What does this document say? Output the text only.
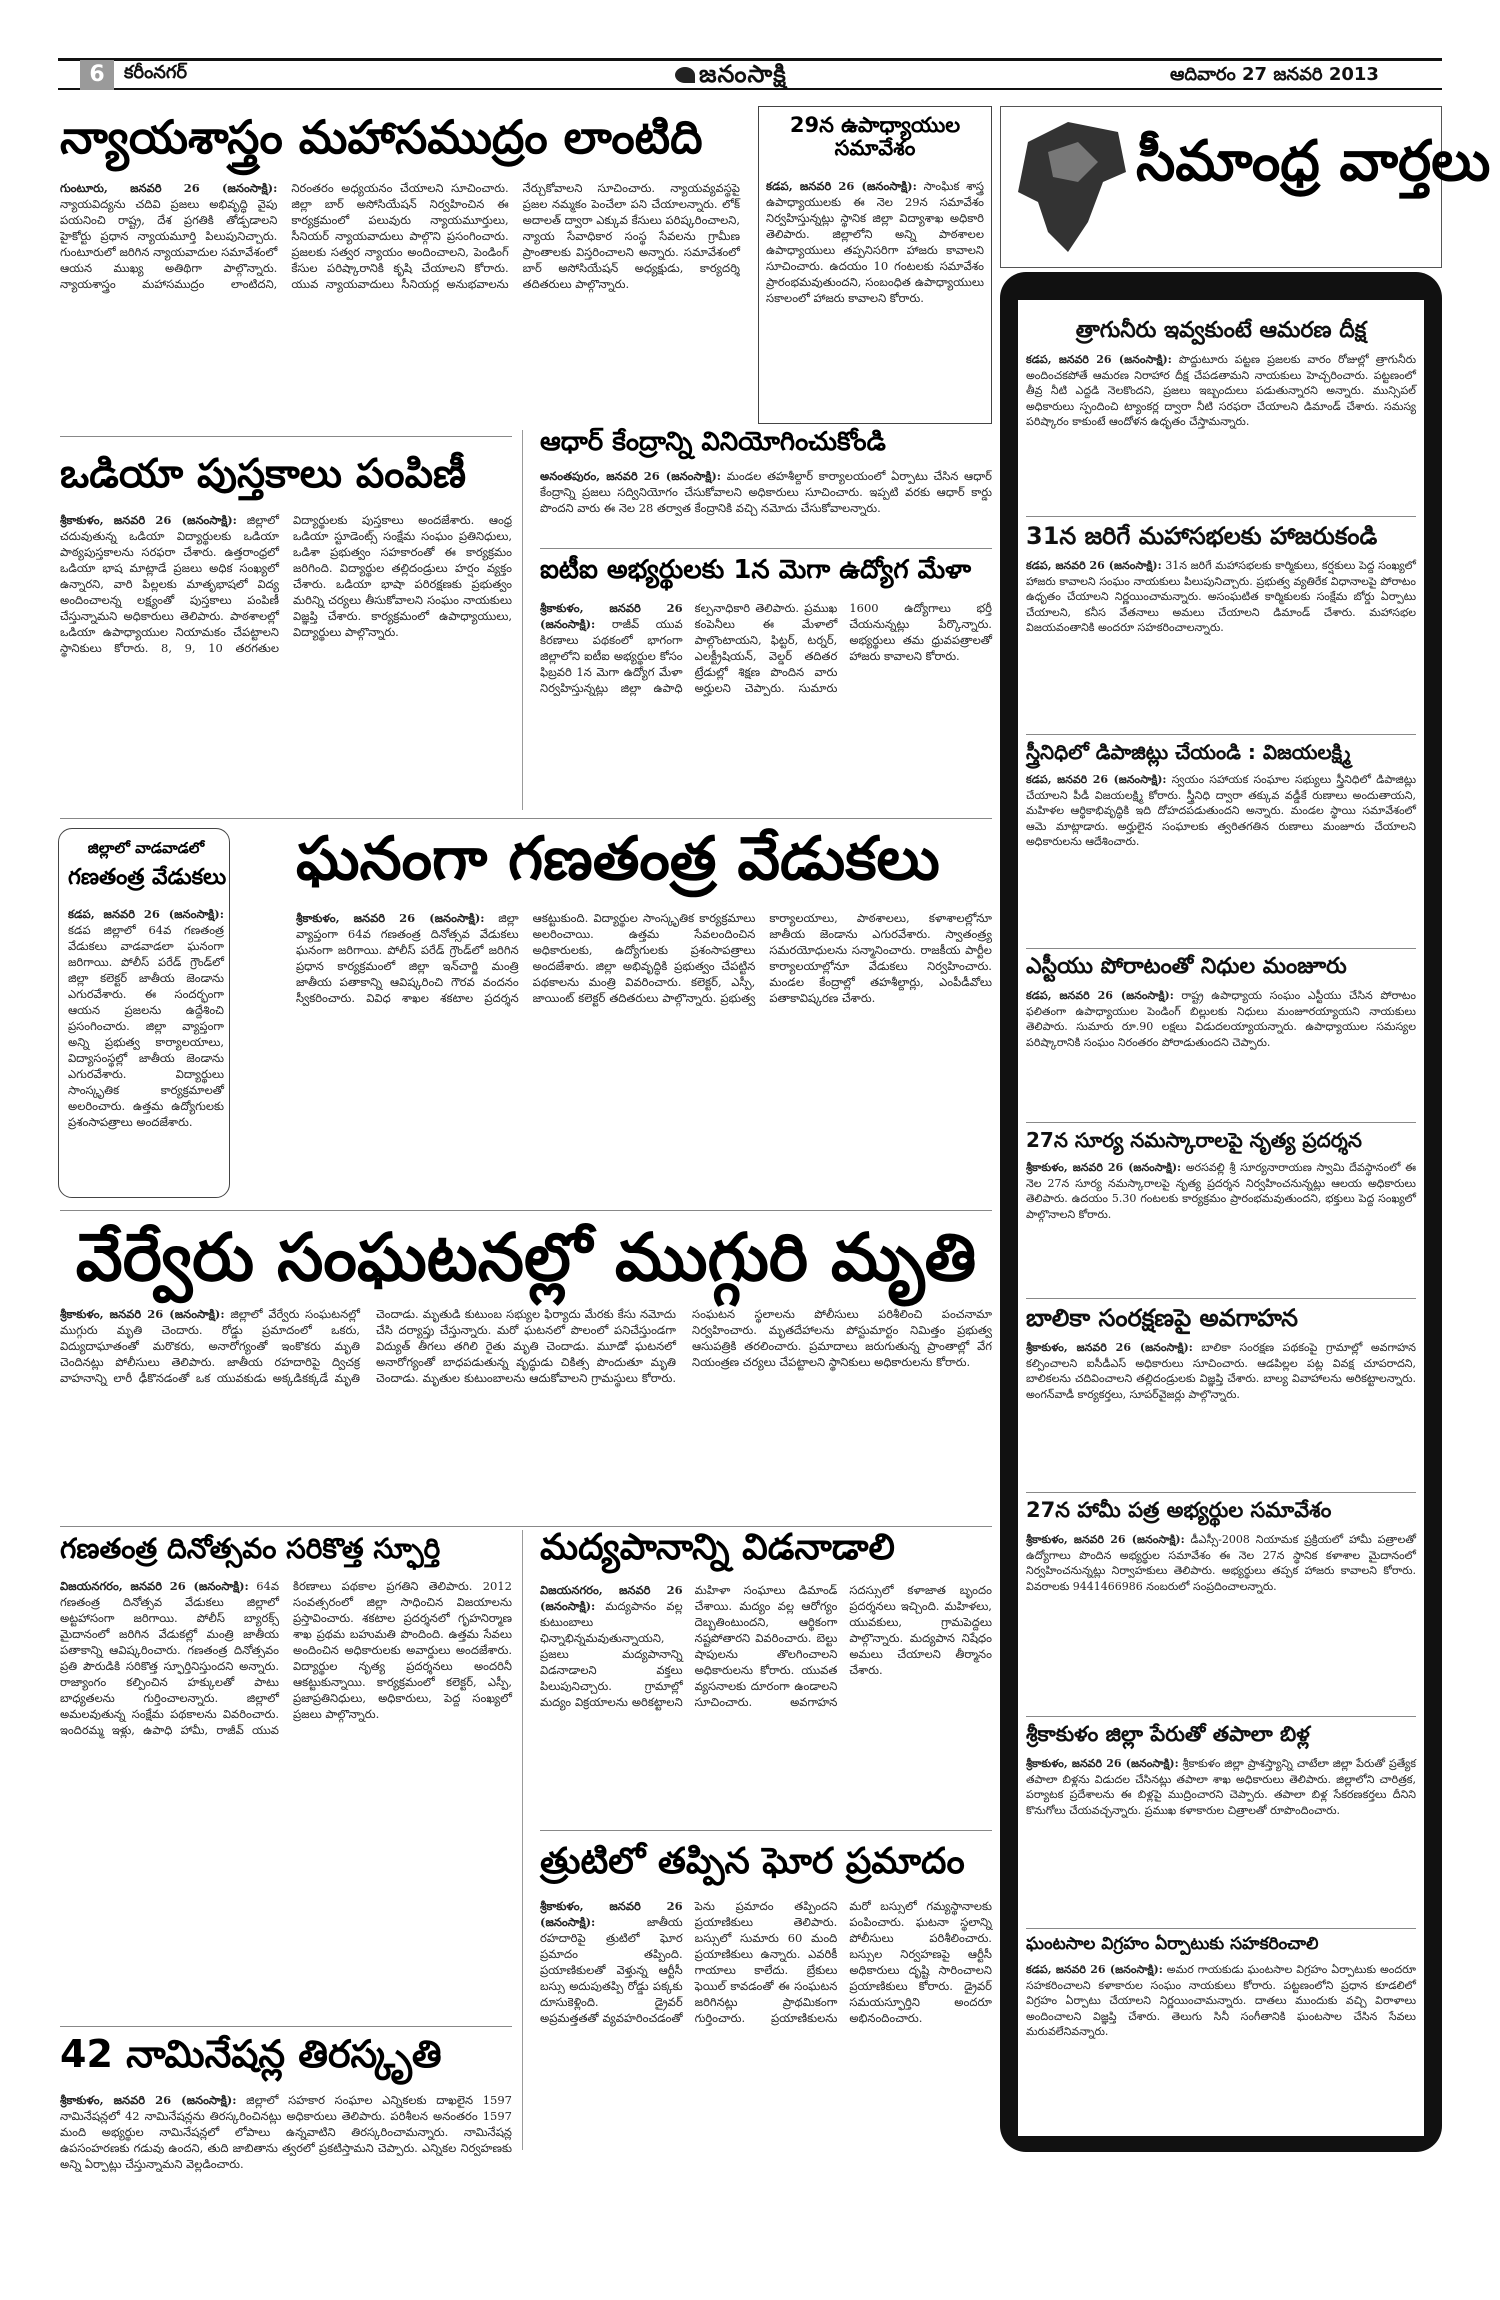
6	కరీంనగర్	జనంసాక్షి	ఆదివారం 27 జనవరి 2013
న్యాయశాస్త్రం మహాసముద్రం లాంటిది
గుంటూరు, జనవరి 26 (జనంసాక్షి): న్యాయవిద్యను చదివి ప్రజలు అభివృద్ధి వైపు పయనించి రాష్ట్ర, దేశ ప్రగతికి తోడ్పడాలని హైకోర్టు ప్రధాన న్యాయమూర్తి పిలుపునిచ్చారు. గుంటూరులో జరిగిన న్యాయవాదుల సమావేశంలో ఆయన ముఖ్య అతిథిగా పాల్గొన్నారు. న్యాయశాస్త్రం మహాసముద్రం లాంటిదని, నిరంతరం అధ్యయనం చేయాలని సూచించారు. జిల్లా బార్ అసోసియేషన్ నిర్వహించిన ఈ కార్యక్రమంలో పలువురు న్యాయమూర్తులు, సీనియర్ న్యాయవాదులు పాల్గొని ప్రసంగించారు. ప్రజలకు సత్వర న్యాయం అందించాలని, పెండింగ్ కేసుల పరిష్కారానికి కృషి చేయాలని కోరారు. యువ న్యాయవాదులు సీనియర్ల అనుభవాలను నేర్చుకోవాలని సూచించారు. న్యాయవ్యవస్థపై ప్రజల నమ్మకం పెంచేలా పని చేయాలన్నారు. లోక్ అదాలత్ ద్వారా ఎక్కువ కేసులు పరిష్కరించాలని, న్యాయ సేవాధికార సంస్థ సేవలను గ్రామీణ ప్రాంతాలకు విస్తరించాలని అన్నారు. సమావేశంలో బార్ అసోసియేషన్ అధ్యక్షుడు, కార్యదర్శి తదితరులు పాల్గొన్నారు.
29న ఉపాధ్యాయుల సమావేశం
కడప, జనవరి 26 (జనంసాక్షి): సాంఘిక శాస్త్ర ఉపాధ్యాయులకు ఈ నెల 29న సమావేశం నిర్వహిస్తున్నట్లు స్థానిక జిల్లా విద్యాశాఖ అధికారి తెలిపారు. జిల్లాలోని అన్ని పాఠశాలల ఉపాధ్యాయులు తప్పనిసరిగా హాజరు కావాలని సూచించారు. ఉదయం 10 గంటలకు సమావేశం ప్రారంభమవుతుందని, సంబంధిత ఉపాధ్యాయులు సకాలంలో హాజరు కావాలని కోరారు.
సీమాంధ్ర వార్తలు
ఒడియా పుస్తకాలు పంపిణీ
శ్రీకాకుళం, జనవరి 26 (జనంసాక్షి): జిల్లాలో చదువుతున్న ఒడియా విద్యార్థులకు ఒడియా పాఠ్యపుస్తకాలను సరఫరా చేశారు. ఉత్తరాంధ్రలో ఒడియా భాష మాట్లాడే ప్రజలు అధిక సంఖ్యలో ఉన్నారని, వారి పిల్లలకు మాతృభాషలో విద్య అందించాలన్న లక్ష్యంతో పుస్తకాలు పంపిణీ చేస్తున్నామని అధికారులు తెలిపారు. పాఠశాలల్లో ఒడియా ఉపాధ్యాయుల నియామకం చేపట్టాలని స్థానికులు కోరారు. 8, 9, 10 తరగతుల విద్యార్థులకు పుస్తకాలు అందజేశారు. ఆంధ్ర ఒడియా స్టూడెంట్స్ సంక్షేమ సంఘం ప్రతినిధులు, ఒడిశా ప్రభుత్వం సహకారంతో ఈ కార్యక్రమం జరిగింది. విద్యార్థుల తల్లిదండ్రులు హర్షం వ్యక్తం చేశారు. ఒడియా భాషా పరిరక్షణకు ప్రభుత్వం మరిన్ని చర్యలు తీసుకోవాలని సంఘం నాయకులు విజ్ఞప్తి చేశారు. కార్యక్రమంలో ఉపాధ్యాయులు, విద్యార్థులు పాల్గొన్నారు.
ఆధార్ కేంద్రాన్ని వినియోగించుకోండి
అనంతపురం, జనవరి 26 (జనంసాక్షి): మండల తహశీల్దార్ కార్యాలయంలో ఏర్పాటు చేసిన ఆధార్ కేంద్రాన్ని ప్రజలు సద్వినియోగం చేసుకోవాలని అధికారులు సూచించారు. ఇప్పటి వరకు ఆధార్ కార్డు పొందని వారు ఈ నెల 28 తర్వాత కేంద్రానికి వచ్చి నమోదు చేసుకోవాలన్నారు.
ఐటీఐ అభ్యర్థులకు 1న మెగా ఉద్యోగ మేళా
శ్రీకాకుళం, జనవరి 26 (జనంసాక్షి): రాజీవ్ యువ కిరణాలు పథకంలో భాగంగా జిల్లాలోని ఐటీఐ అభ్యర్థుల కోసం ఫిబ్రవరి 1న మెగా ఉద్యోగ మేళా నిర్వహిస్తున్నట్లు జిల్లా ఉపాధి కల్పనాధికారి తెలిపారు. ప్రముఖ కంపెనీలు ఈ మేళాలో పాల్గొంటాయని, ఫిట్టర్, టర్నర్, ఎలక్ట్రీషియన్, వెల్డర్ తదితర ట్రేడుల్లో శిక్షణ పొందిన వారు అర్హులని చెప్పారు. సుమారు 1600 ఉద్యోగాలు భర్తీ చేయనున్నట్లు పేర్కొన్నారు. అభ్యర్థులు తమ ధ్రువపత్రాలతో హాజరు కావాలని కోరారు.
ఘనంగా గణతంత్ర వేడుకలు
శ్రీకాకుళం, జనవరి 26 (జనంసాక్షి): జిల్లా వ్యాప్తంగా 64వ గణతంత్ర దినోత్సవ వేడుకలు ఘనంగా జరిగాయి. పోలీస్ పరేడ్ గ్రౌండ్‌లో జరిగిన ప్రధాన కార్యక్రమంలో జిల్లా ఇన్‌చార్జి మంత్రి జాతీయ పతాకాన్ని ఆవిష్కరించి గౌరవ వందనం స్వీకరించారు. వివిధ శాఖల శకటాల ప్రదర్శన ఆకట్టుకుంది. విద్యార్థుల సాంస్కృతిక కార్యక్రమాలు అలరించాయి. ఉత్తమ సేవలందించిన అధికారులకు, ఉద్యోగులకు ప్రశంసాపత్రాలు అందజేశారు. జిల్లా అభివృద్ధికి ప్రభుత్వం చేపట్టిన పథకాలను మంత్రి వివరించారు. కలెక్టర్, ఎస్పీ, జాయింట్ కలెక్టర్ తదితరులు పాల్గొన్నారు. ప్రభుత్వ కార్యాలయాలు, పాఠశాలలు, కళాశాలల్లోనూ జాతీయ జెండాను ఎగురవేశారు. స్వాతంత్ర్య సమరయోధులను సన్మానించారు. రాజకీయ పార్టీల కార్యాలయాల్లోనూ వేడుకలు నిర్వహించారు. మండల కేంద్రాల్లో తహశీల్దార్లు, ఎంపీడీవోలు పతాకావిష్కరణ చేశారు.
జిల్లాలో వాడవాడలో
గణతంత్ర వేడుకలు
కడప, జనవరి 26 (జనంసాక్షి): కడప జిల్లాలో 64వ గణతంత్ర వేడుకలు వాడవాడలా ఘనంగా జరిగాయి. పోలీస్ పరేడ్ గ్రౌండ్‌లో జిల్లా కలెక్టర్ జాతీయ జెండాను ఎగురవేశారు. ఈ సందర్భంగా ఆయన ప్రజలను ఉద్దేశించి ప్రసంగించారు. జిల్లా వ్యాప్తంగా అన్ని ప్రభుత్వ కార్యాలయాలు, విద్యాసంస్థల్లో జాతీయ జెండాను ఎగురవేశారు. విద్యార్థులు సాంస్కృతిక కార్యక్రమాలతో అలరించారు. ఉత్తమ ఉద్యోగులకు ప్రశంసాపత్రాలు అందజేశారు.
వేర్వేరు సంఘటనల్లో ముగ్గురి మృతి
శ్రీకాకుళం, జనవరి 26 (జనంసాక్షి): జిల్లాలో వేర్వేరు సంఘటనల్లో ముగ్గురు మృతి చెందారు. రోడ్డు ప్రమాదంలో ఒకరు, విద్యుదాఘాతంతో మరొకరు, అనారోగ్యంతో ఇంకొకరు మృతి చెందినట్లు పోలీసులు తెలిపారు. జాతీయ రహదారిపై ద్విచక్ర వాహనాన్ని లారీ ఢీకొనడంతో ఒక యువకుడు అక్కడికక్కడే మృతి చెందాడు. మృతుడి కుటుంబ సభ్యుల ఫిర్యాదు మేరకు కేసు నమోదు చేసి దర్యాప్తు చేస్తున్నారు. మరో ఘటనలో పొలంలో పనిచేస్తుండగా విద్యుత్ తీగలు తగిలి రైతు మృతి చెందాడు. మూడో ఘటనలో అనారోగ్యంతో బాధపడుతున్న వృద్ధుడు చికిత్స పొందుతూ మృతి చెందాడు. మృతుల కుటుంబాలను ఆదుకోవాలని గ్రామస్థులు కోరారు. సంఘటన స్థలాలను పోలీసులు పరిశీలించి పంచనామా నిర్వహించారు. మృతదేహాలను పోస్టుమార్టం నిమిత్తం ప్రభుత్వ ఆసుపత్రికి తరలించారు. ప్రమాదాలు జరుగుతున్న ప్రాంతాల్లో వేగ నియంత్రణ చర్యలు చేపట్టాలని స్థానికులు అధికారులను కోరారు.
గణతంత్ర దినోత్సవం సరికొత్త స్ఫూర్తి
విజయనగరం, జనవరి 26 (జనంసాక్షి): 64వ గణతంత్ర దినోత్సవ వేడుకలు జిల్లాలో అట్టహాసంగా జరిగాయి. పోలీస్ బ్యారక్స్ మైదానంలో జరిగిన వేడుకల్లో మంత్రి జాతీయ పతాకాన్ని ఆవిష్కరించారు. గణతంత్ర దినోత్సవం ప్రతి పౌరుడికి సరికొత్త స్ఫూర్తినిస్తుందని అన్నారు. రాజ్యాంగం కల్పించిన హక్కులతో పాటు బాధ్యతలను గుర్తించాలన్నారు. జిల్లాలో అమలవుతున్న సంక్షేమ పథకాలను వివరించారు. ఇందిరమ్మ ఇళ్లు, ఉపాధి హామీ, రాజీవ్ యువ కిరణాలు పథకాల ప్రగతిని తెలిపారు. 2012 సంవత్సరంలో జిల్లా సాధించిన విజయాలను ప్రస్తావించారు. శకటాల ప్రదర్శనలో గృహనిర్మాణ శాఖ ప్రథమ బహుమతి పొందింది. ఉత్తమ సేవలు అందించిన అధికారులకు అవార్డులు అందజేశారు. విద్యార్థుల నృత్య ప్రదర్శనలు అందరినీ ఆకట్టుకున్నాయి. కార్యక్రమంలో కలెక్టర్, ఎస్పీ, ప్రజాప్రతినిధులు, అధికారులు, పెద్ద సంఖ్యలో ప్రజలు పాల్గొన్నారు.
మద్యపానాన్ని విడనాడాలి
విజయనగరం, జనవరి 26 (జనంసాక్షి): మద్యపానం వల్ల కుటుంబాలు ఛిన్నాభిన్నమవుతున్నాయని, ప్రజలు మద్యపానాన్ని విడనాడాలని వక్తలు పిలుపునిచ్చారు. గ్రామాల్లో మద్యం విక్రయాలను అరికట్టాలని మహిళా సంఘాలు డిమాండ్ చేశాయి. మద్యం వల్ల ఆరోగ్యం దెబ్బతింటుందని, ఆర్థికంగా నష్టపోతారని వివరించారు. బెల్టు షాపులను తొలగించాలని అధికారులను కోరారు. యువత వ్యసనాలకు దూరంగా ఉండాలని సూచించారు. అవగాహన సదస్సులో కళాజాత బృందం ప్రదర్శనలు ఇచ్చింది. మహిళలు, యువకులు, గ్రామపెద్దలు పాల్గొన్నారు. మద్యపాన నిషేధం అమలు చేయాలని తీర్మానం చేశారు.
త్రుటిలో తప్పిన ఘోర ప్రమాదం
శ్రీకాకుళం, జనవరి 26 (జనంసాక్షి):	జాతీయ రహదారిపై త్రుటిలో ఘోర ప్రమాదం తప్పింది. ప్రయాణికులతో వెళ్తున్న ఆర్టీసీ బస్సు అదుపుతప్పి రోడ్డు పక్కకు దూసుకెళ్లింది. డ్రైవర్ అప్రమత్తతతో వ్యవహరించడంతో పెను ప్రమాదం తప్పిందని ప్రయాణికులు తెలిపారు. బస్సులో సుమారు 60 మంది ప్రయాణికులు ఉన్నారు. ఎవరికీ గాయాలు కాలేదు. బ్రేకులు ఫెయిల్ కావడంతో ఈ సంఘటన జరిగినట్లు ప్రాథమికంగా గుర్తించారు. ప్రయాణికులను మరో బస్సులో గమ్యస్థానాలకు పంపించారు. ఘటనా స్థలాన్ని పోలీసులు పరిశీలించారు. బస్సుల నిర్వహణపై ఆర్టీసీ అధికారులు దృష్టి సారించాలని ప్రయాణికులు కోరారు. డ్రైవర్ సమయస్ఫూర్తిని అందరూ అభినందించారు.
42 నామినేషన్ల తిరస్కృతి
శ్రీకాకుళం, జనవరి 26 (జనంసాక్షి): జిల్లాలో సహకార సంఘాల ఎన్నికలకు దాఖలైన 1597 నామినేషన్లలో 42 నామినేషన్లను తిరస్కరించినట్లు అధికారులు తెలిపారు. పరిశీలన అనంతరం 1597 మంది అభ్యర్థుల నామినేషన్లలో లోపాలు ఉన్నవాటిని తిరస్కరించామన్నారు. నామినేషన్ల ఉపసంహరణకు గడువు ఉందని, తుది జాబితాను త్వరలో ప్రకటిస్తామని చెప్పారు. ఎన్నికల నిర్వహణకు అన్ని ఏర్పాట్లు చేస్తున్నామని వెల్లడించారు.
త్రాగునీరు ఇవ్వకుంటే ఆమరణ దీక్ష
కడప, జనవరి 26 (జనంసాక్షి): పొద్దుటూరు పట్టణ ప్రజలకు వారం రోజుల్లో త్రాగునీరు అందించకపోతే ఆమరణ నిరాహార దీక్ష చేపడతామని నాయకులు హెచ్చరించారు. పట్టణంలో తీవ్ర నీటి ఎద్దడి నెలకొందని, ప్రజలు ఇబ్బందులు పడుతున్నారని అన్నారు. మున్సిపల్ అధికారులు స్పందించి ట్యాంకర్ల ద్వారా నీటి సరఫరా చేయాలని డిమాండ్ చేశారు. సమస్య పరిష్కారం కాకుంటే ఆందోళన ఉధృతం చేస్తామన్నారు.
31న జరిగే మహాసభలకు హాజరుకండి
కడప, జనవరి 26 (జనంసాక్షి): 31న జరిగే మహాసభలకు కార్మికులు, కర్షకులు పెద్ద సంఖ్యలో హాజరు కావాలని సంఘం నాయకులు పిలుపునిచ్చారు. ప్రభుత్వ వ్యతిరేక విధానాలపై పోరాటం ఉధృతం చేయాలని నిర్ణయించామన్నారు. అసంఘటిత కార్మికులకు సంక్షేమ బోర్డు ఏర్పాటు చేయాలని, కనీస వేతనాలు అమలు చేయాలని డిమాండ్ చేశారు. మహాసభల విజయవంతానికి అందరూ సహకరించాలన్నారు.
స్త్రీనిధిలో డిపాజిట్లు చేయండి : విజయలక్ష్మి
కడప, జనవరి 26 (జనంసాక్షి): స్వయం సహాయక సంఘాల సభ్యులు స్త్రీనిధిలో డిపాజిట్లు చేయాలని పీడీ విజయలక్ష్మి కోరారు. స్త్రీనిధి ద్వారా తక్కువ వడ్డీకే రుణాలు అందుతాయని, మహిళల ఆర్థికాభివృద్ధికి ఇది దోహదపడుతుందని అన్నారు. మండల స్థాయి సమావేశంలో ఆమె మాట్లాడారు. అర్హులైన సంఘాలకు త్వరితగతిన రుణాలు మంజూరు చేయాలని అధికారులను ఆదేశించారు.
ఎస్టీయు పోరాటంతో నిధుల మంజూరు
కడప, జనవరి 26 (జనంసాక్షి): రాష్ట్ర ఉపాధ్యాయ సంఘం ఎస్టీయు చేసిన పోరాటం ఫలితంగా ఉపాధ్యాయుల పెండింగ్ బిల్లులకు నిధులు మంజూరయ్యాయని నాయకులు తెలిపారు. సుమారు రూ.90 లక్షలు విడుదలయ్యాయన్నారు. ఉపాధ్యాయుల సమస్యల పరిష్కారానికి సంఘం నిరంతరం పోరాడుతుందని చెప్పారు.
27న సూర్య నమస్కారాలపై నృత్య ప్రదర్శన
శ్రీకాకుళం, జనవరి 26 (జనంసాక్షి): అరసవల్లి శ్రీ సూర్యనారాయణ స్వామి దేవస్థానంలో ఈ నెల 27న సూర్య నమస్కారాలపై నృత్య ప్రదర్శన నిర్వహించనున్నట్లు ఆలయ అధికారులు తెలిపారు. ఉదయం 5.30 గంటలకు కార్యక్రమం ప్రారంభమవుతుందని, భక్తులు పెద్ద సంఖ్యలో పాల్గొనాలని కోరారు.
బాలికా సంరక్షణపై అవగాహన
శ్రీకాకుళం, జనవరి 26 (జనంసాక్షి): బాలికా సంరక్షణ పథకంపై గ్రామాల్లో అవగాహన కల్పించాలని ఐసీడీఎస్ అధికారులు సూచించారు. ఆడపిల్లల పట్ల వివక్ష చూపరాదని, బాలికలను చదివించాలని తల్లిదండ్రులకు విజ్ఞప్తి చేశారు. బాల్య వివాహాలను అరికట్టాలన్నారు. అంగన్‌వాడీ కార్యకర్తలు, సూపర్‌వైజర్లు పాల్గొన్నారు.
27న హామీ పత్ర అభ్యర్థుల సమావేశం
శ్రీకాకుళం, జనవరి 26 (జనంసాక్షి): డీఎస్సీ-2008 నియామక ప్రక్రియలో హామీ పత్రాలతో ఉద్యోగాలు పొందిన అభ్యర్థుల సమావేశం ఈ నెల 27న స్థానిక కళాశాల మైదానంలో నిర్వహించనున్నట్లు నిర్వాహకులు తెలిపారు. అభ్యర్థులు తప్పక హాజరు కావాలని కోరారు. వివరాలకు 9441466986 నంబరులో సంప్రదించాలన్నారు.
శ్రీకాకుళం జిల్లా పేరుతో తపాలా బిళ్ల
శ్రీకాకుళం, జనవరి 26 (జనంసాక్షి): శ్రీకాకుళం జిల్లా ప్రాశస్త్యాన్ని చాటేలా జిల్లా పేరుతో ప్రత్యేక తపాలా బిళ్లను విడుదల చేసినట్లు తపాలా శాఖ అధికారులు తెలిపారు. జిల్లాలోని చారిత్రక, పర్యాటక ప్రదేశాలను ఈ బిళ్లపై ముద్రించారని చెప్పారు. తపాలా బిళ్ల సేకరణకర్తలు దీనిని కొనుగోలు చేయవచ్చన్నారు. ప్రముఖ కళాకారుల చిత్రాలతో రూపొందించారు.
ఘంటసాల విగ్రహం ఏర్పాటుకు సహకరించాలి
కడప, జనవరి 26 (జనంసాక్షి): అమర గాయకుడు ఘంటసాల విగ్రహం ఏర్పాటుకు అందరూ సహకరించాలని కళాకారుల సంఘం నాయకులు కోరారు. పట్టణంలోని ప్రధాన కూడలిలో విగ్రహం ఏర్పాటు చేయాలని నిర్ణయించామన్నారు. దాతలు ముందుకు వచ్చి విరాళాలు అందించాలని విజ్ఞప్తి చేశారు. తెలుగు సినీ సంగీతానికి ఘంటసాల చేసిన సేవలు మరువలేనివన్నారు.
